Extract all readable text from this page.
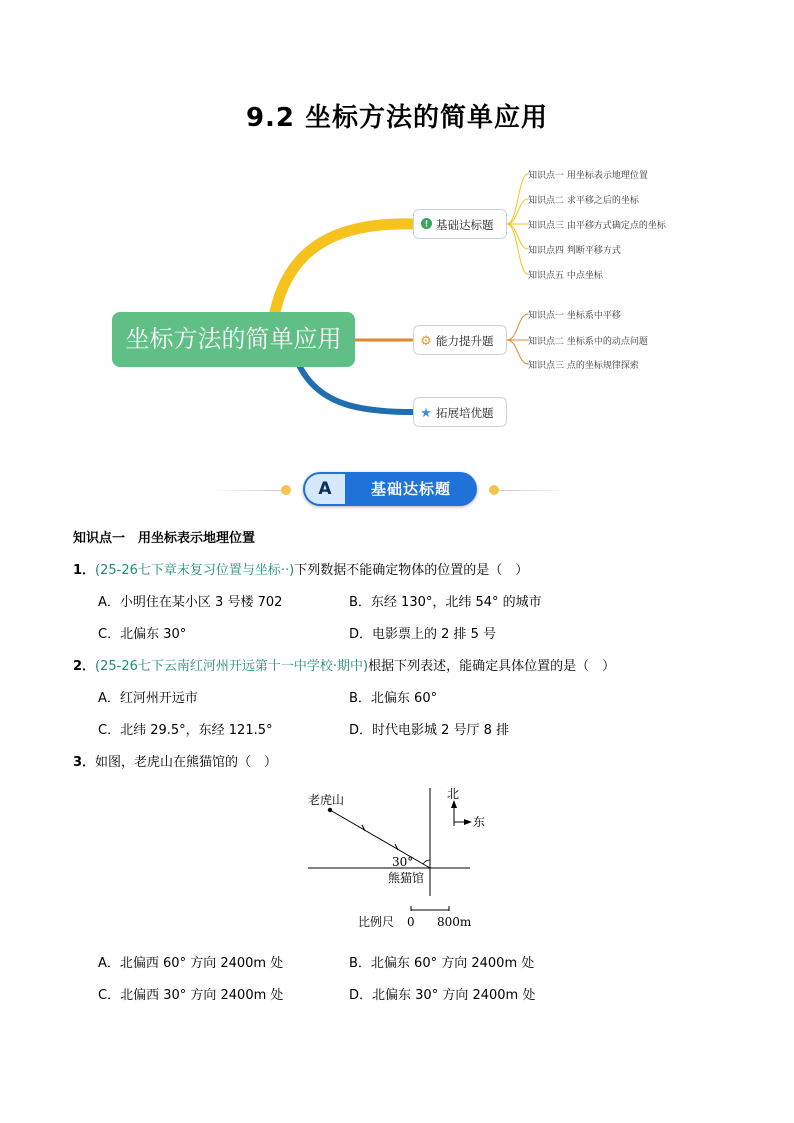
9.2 坐标方法的简单应用
坐标方法的简单应用
基础达标题
⚙ 能力提升题
★ 拓展培优题
知识点一 用坐标表示地理位置
知识点二 求平移之后的坐标
知识点三 由平移方式确定点的坐标
知识点四 判断平移方式
知识点五 中点坐标
知识点一 坐标系中平移
知识点二 坐标系中的动点问题
知识点三 点的坐标规律探索
A	基础达标题
知识点一　用坐标表示地理位置
1．(25-26七下章末复习位置与坐标··)下列数据不能确定物体的位置的是（　）
A．小明住在某小区 3 号楼 702	B．东经 130°，北纬 54° 的城市
C．北偏东 30°	D．电影票上的 2 排 5 号
2．(25-26七下云南红河州开远第十一中学校·期中)根据下列表述，能确定具体位置的是（　）
A．红河州开远市	B．北偏东 60°
C．北纬 29.5°，东经 121.5°	D．时代电影城 2 号厅 8 排
3．如图，老虎山在熊猫馆的（　）
北
东
老虎山
30°
熊猫馆
比例尺 0 800m
A．北偏西 60° 方向 2400m 处	B．北偏东 60° 方向 2400m 处
C．北偏西 30° 方向 2400m 处	D．北偏东 30° 方向 2400m 处
